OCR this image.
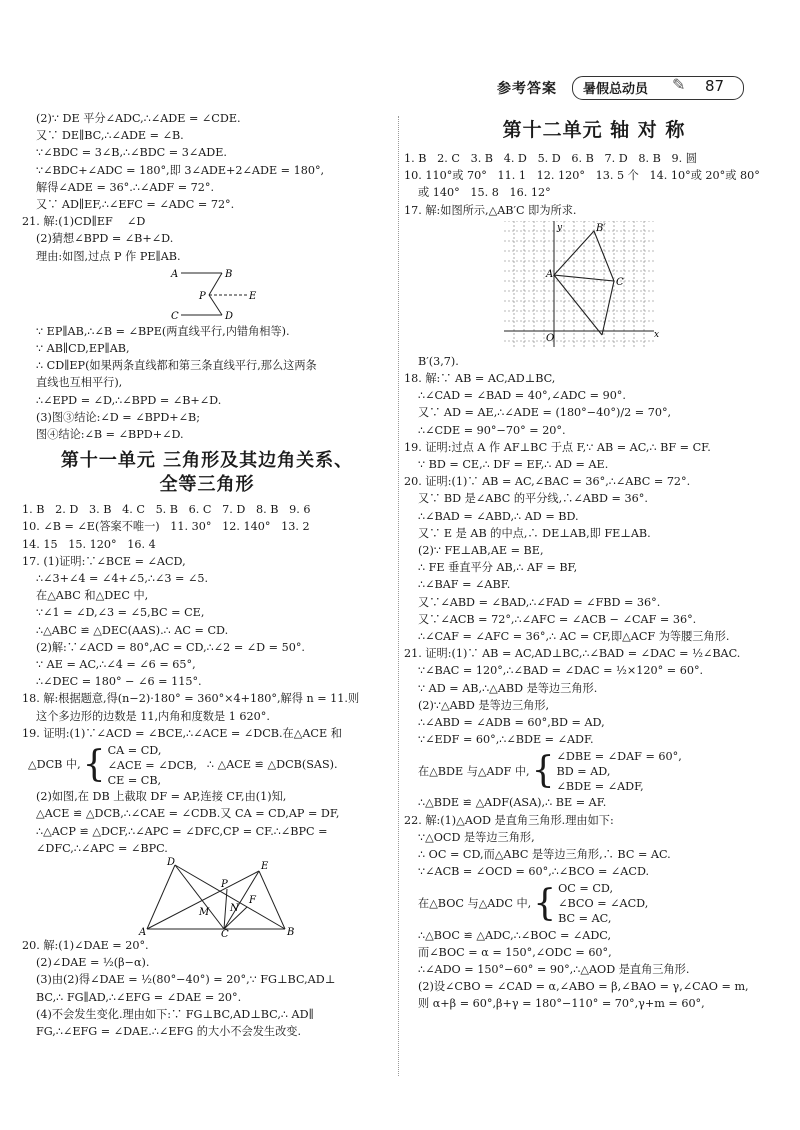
参考答案 暑假总动员 ✎ 87
(2)∵ DE 平分∠ADC,∴∠ADE = ∠CDE.
又∵ DE∥BC,∴∠ADE = ∠B.
∵∠BDC = 3∠B,∴∠BDC = 3∠ADE.
∵∠BDC+∠ADC = 180°,即 3∠ADE+2∠ADE = 180°,
解得∠ADE = 36°.∴∠ADF = 72°.
又∵ AD∥EF,∴∠EFC = ∠ADC = 72°.
21. 解:(1)CD∥EF    ∠D
(2)猜想∠BPD = ∠B+∠D.
理由:如图,过点 P 作 PE∥AB.
A	B
P	E
C	D
∵ EP∥AB,∴∠B = ∠BPE(两直线平行,内错角相等).
∵ AB∥CD,EP∥AB,
∴ CD∥EP(如果两条直线都和第三条直线平行,那么这两条
直线也互相平行),
∴∠EPD = ∠D,∴∠BPD = ∠B+∠D.
(3)图③结论:∠D = ∠BPD+∠B;
图④结论:∠B = ∠BPD+∠D.
第十一单元 三角形及其边角关系、
全等三角形
1. B   2. D   3. B   4. C   5. B   6. C   7. D   8. B   9. 6
10. ∠B = ∠E(答案不唯一)   11. 30°   12. 140°   13. 2
14. 15   15. 120°   16. 4
17. (1)证明:∵∠BCE = ∠ACD,
∴∠3+∠4 = ∠4+∠5,∴∠3 = ∠5.
在△ABC 和△DEC 中,
∵∠1 = ∠D,∠3 = ∠5,BC = CE,
∴△ABC ≌ △DEC(AAS).∴ AC = CD.
(2)解:∵∠ACD = 80°,AC = CD,∴∠2 = ∠D = 50°.
∵ AE = AC,∴∠4 = ∠6 = 65°,
∴∠DEC = 180° − ∠6 = 115°.
18. 解:根据题意,得(n−2)·180° = 360°×4+180°,解得 n = 11.则
这个多边形的边数是 11,内角和度数是 1 620°.
19. 证明:(1)∵∠ACD = ∠BCE,∴∠ACE = ∠DCB.在△ACE 和
△DCB 中, { CA = CD,
∠ACE = ∠DCB,
CE = CB,
∴ △ACE ≌ △DCB(SAS).
(2)如图,在 DB 上截取 DF = AP,连接 CF,由(1)知,
△ACE ≌ △DCB,∴∠CAE = ∠CDB.又 CA = CD,AP = DF,
∴△ACP ≌ △DCF,∴∠APC = ∠DFC,CP = CF.∴∠BPC =
∠DFC,∴∠APC = ∠BPC.
D	E
P
F
M N
A	C	B
20. 解:(1)∠DAE = 20°.
(2)∠DAE = ½(β−α).
(3)由(2)得∠DAE = ½(80°−40°) = 20°,∵ FG⊥BC,AD⊥
BC,∴ FG∥AD,∴∠EFG = ∠DAE = 20°.
(4)不会发生变化.理由如下:∵ FG⊥BC,AD⊥BC,∴ AD∥
FG,∴∠EFG = ∠DAE.∴∠EFG 的大小不会发生改变.
第十二单元 轴 对 称
1. B   2. C   3. B   4. D   5. D   6. B   7. D   8. B   9. 圆
10. 110°或 70°   11. 1   12. 120°   13. 5 个   14. 10°或 20°或 80°
或 140°   15. 8   16. 12°
17. 解:如图所示,△AB′C 即为所求.
B′
A
C
O
y
x
B′(3,7).
18. 解:∵ AB = AC,AD⊥BC,
∴∠CAD = ∠BAD = 40°,∠ADC = 90°.
又∵ AD = AE,∴∠ADE = (180°−40°)/2 = 70°,
∴∠CDE = 90°−70° = 20°.
19. 证明:过点 A 作 AF⊥BC 于点 F,∵ AB = AC,∴ BF = CF.
∵ BD = CE,∴ DF = EF,∴ AD = AE.
20. 证明:(1)∵ AB = AC,∠BAC = 36°,∴∠ABC = 72°.
又∵ BD 是∠ABC 的平分线,∴∠ABD = 36°.
∴∠BAD = ∠ABD,∴ AD = BD.
又∵ E 是 AB 的中点,∴ DE⊥AB,即 FE⊥AB.
(2)∵ FE⊥AB,AE = BE,
∴ FE 垂直平分 AB,∴ AF = BF,
∴∠BAF = ∠ABF.
又∵∠ABD = ∠BAD,∴∠FAD = ∠FBD = 36°.
又∵∠ACB = 72°,∴∠AFC = ∠ACB − ∠CAF = 36°.
∴∠CAF = ∠AFC = 36°,∴ AC = CF,即△ACF 为等腰三角形.
21. 证明:(1)∵ AB = AC,AD⊥BC,∴∠BAD = ∠DAC = ½∠BAC.
∵∠BAC = 120°,∴∠BAD = ∠DAC = ½×120° = 60°.
∵ AD = AB,∴△ABD 是等边三角形.
(2)∵△ABD 是等边三角形,
∴∠ABD = ∠ADB = 60°,BD = AD,
∵∠EDF = 60°,∴∠BDE = ∠ADF.
在△BDE 与△ADF 中, { ∠DBE = ∠DAF = 60°,
BD = AD,
∠BDE = ∠ADF,
∴△BDE ≌ △ADF(ASA),∴ BE = AF.
22. 解:(1)△AOD 是直角三角形.理由如下:
∵△OCD 是等边三角形,
∴ OC = CD,而△ABC 是等边三角形,∴ BC = AC.
∵∠ACB = ∠OCD = 60°,∴∠BCO = ∠ACD.
在△BOC 与△ADC 中, { OC = CD,
∠BCO = ∠ACD,
BC = AC,
∴△BOC ≌ △ADC,∴∠BOC = ∠ADC,
而∠BOC = α = 150°,∠ODC = 60°,
∴∠ADO = 150°−60° = 90°,∴△AOD 是直角三角形.
(2)设∠CBO = ∠CAD = α,∠ABO = β,∠BAO = γ,∠CAO = m,
则 α+β = 60°,β+γ = 180°−110° = 70°,γ+m = 60°,
